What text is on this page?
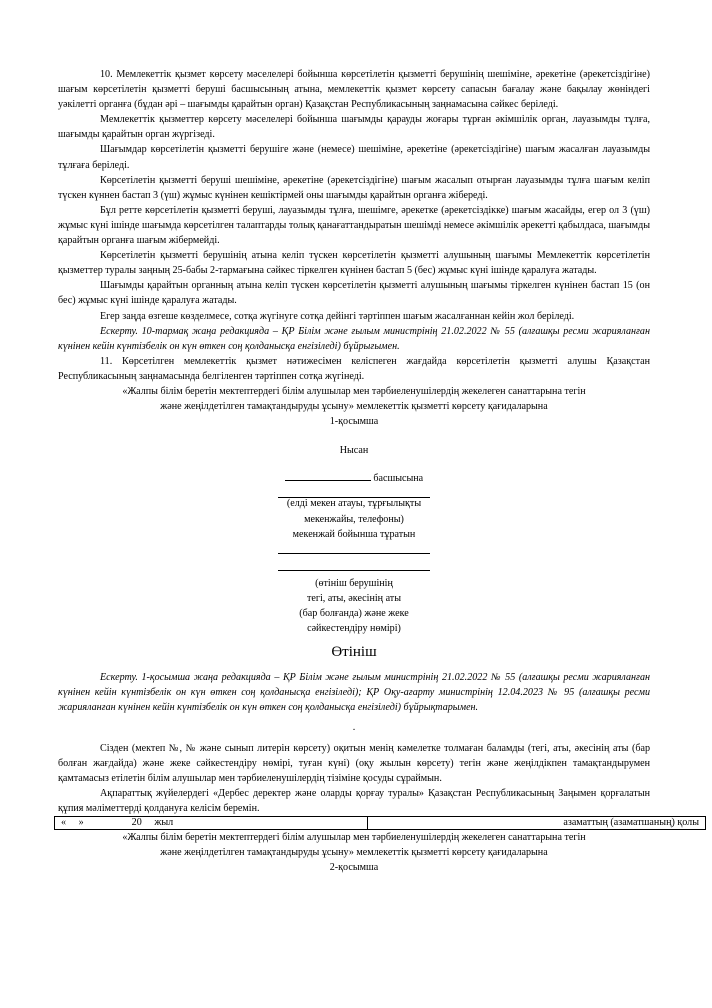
10. Мемлекеттік қызмет көрсету мәселелері бойынша көрсетілетін қызметті берушінің шешіміне, әрекетіне (әрекетсіздігіне) шағым көрсетілетін қызметті беруші басшысының атына, мемлекеттік қызмет көрсету сапасын бағалау және бақылау жөніндегі уәкілетті органға (бұдан әрі – шағымды қарайтын орган) Қазақстан Республикасының заңнамасына сәйкес беріледі.

Мемлекеттік қызметтер көрсету мәселелері бойынша шағымды қарауды жоғары тұрған әкімшілік орган, лауазымды тұлға, шағымды қарайтын орган жүргізеді.

Шағымдар көрсетілетін қызметті берушіге және (немесе) шешіміне, әрекетіне (әрекетсіздігіне) шағым жасалған лауазымды тұлғаға беріледі.

Көрсетілетін қызметті беруші шешіміне, әрекетіне (әрекетсіздігіне) шағым жасалып отырған лауазымды тұлға шағым келіп түскен күннен бастап 3 (үш) жұмыс күнінен кешіктірмей оны шағымды қарайтын органға жібереді.

Бұл ретте көрсетілетін қызметті беруші, лауазымды тұлға, шешімге, әрекетке (әрекетсіздікке) шағым жасайды, егер ол 3 (үш) жұмыс күні ішінде шағымда көрсетілген талаптарды толық қанағаттандыратын шешімді немесе әкімшілік әрекетті қабылдаса, шағымды қарайтын органға шағым жібермейді.

Көрсетілетін қызметті берушінің атына келіп түскен көрсетілетін қызметті алушының шағымы Мемлекеттік көрсетілетін қызметтер туралы заңның 25-бабы 2-тармағына сәйкес тіркелген күнінен бастап 5 (бес) жұмыс күні ішінде қаралуға жатады.

Шағымды қарайтын органның атына келіп түскен көрсетілетін қызметті алушының шағымы тіркелген күнінен бастап 15 (он бес) жұмыс күні ішінде қаралуға жатады.

Егер заңда өзгеше көзделмесе, сотқа жүгінуге сотқа дейінгі тәртіппен шағым жасалғаннан кейін жол беріледі.

Ескерту. 10-тармақ жаңа редакцияда – ҚР Білім және ғылым министрінің 21.02.2022 № 55 (алғашқы ресми жарияланған күнінен кейін күнтізбелік он күн өткен соң қолданысқа енгізіледі) бұйрығымен.

11. Көрсетілген мемлекеттік қызмет нәтижесімен келіспеген жағдайда көрсетілетін қызметті алушы Қазақстан Республикасының заңнамасында белгіленген тәртіппен сотқа жүгінеді.

«Жалпы білім беретін мектептердегі білім алушылар мен тәрбиеленушілердің жекелеген санаттарына тегін

және жеңілдетілген тамақтандыруды ұсыну» мемлекеттік қызметті көрсету қағидаларына

1-қосымша

Нысан

басшысына

(елді мекен атауы, тұрғылықты

мекенжайы, телефоны)

мекенжай бойынша тұратын

(өтініш берушінің

тегі, аты, әкесінің аты

(бар болғанда) және жеке

сәйкестендіру нөмірі)

Өтініш

Ескерту. 1-қосымша жаңа редакцияда – ҚР Білім және ғылым министрінің 21.02.2022 № 55 (алғашқы ресми жарияланған күнінен кейін күнтізбелік он күн өткен соң қолданысқа енгізіледі); ҚР Оқу-ағарту министрінің 12.04.2023 № 95 (алғашқы ресми жарияланған күнінен кейін күнтізбелік он күн өткен соң қолданысқа енгізіледі) бұйрықтарымен.

.

Сізден (мектеп №, № және сынып литерін көрсету) оқитын менің кәмелетке толмаған баламды (тегі, аты, әкесінің аты (бар болған жағдайда) және жеке сәйкестендіру нөмірі, туған күні) (оқу жылын көрсету) тегін және жеңілдікпен тамақтандырумен қамтамасыз етілетін білім алушылар мен тәрбиеленушілердің тізіміне қосуды сұраймын.

Ақпараттық жүйелердегі «Дербес деректер және оларды қорғау туралы» Қазақстан Республикасының Заңымен қорғалатын құпия мәліметтерді қолдануға келісім беремін.

«     »                   20     жыл	азаматтың (азаматшаның) қолы

«Жалпы білім беретін мектептердегі білім алушылар мен тәрбиеленушілердің жекелеген санаттарына тегін

және жеңілдетілген тамақтандыруды ұсыну» мемлекеттік қызметті көрсету қағидаларына

2-қосымша
